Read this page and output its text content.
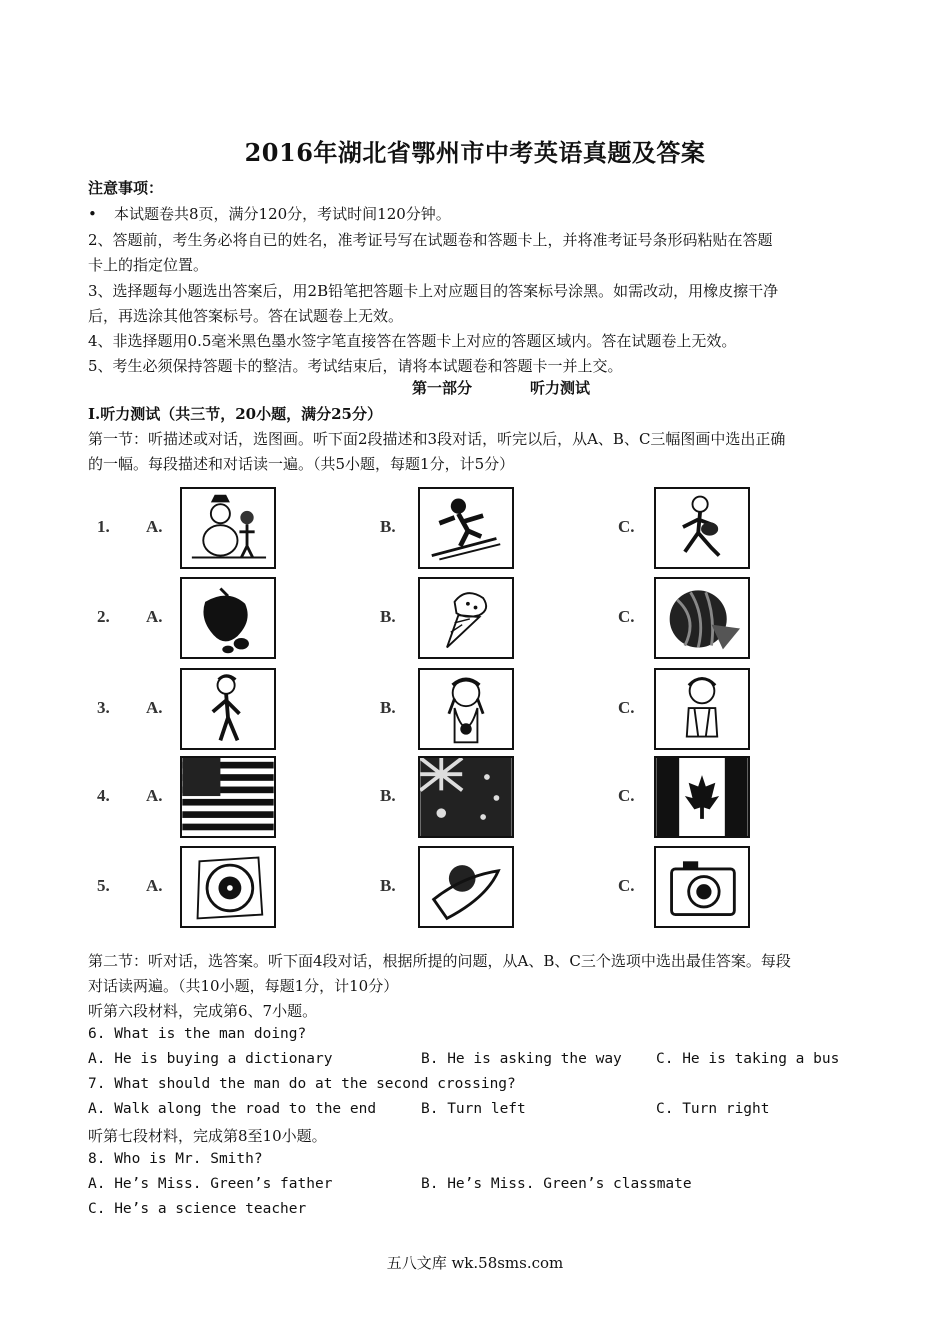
2016年湖北省鄂州市中考英语真题及答案
注意事项：
• 本试题卷共8页，满分120分，考试时间120分钟。
2、答题前，考生务必将自已的姓名，准考证号写在试题卷和答题卡上，并将准考证号条形码粘贴在答题
卡上的指定位置。
3、选择题每小题选出答案后，用2B铅笔把答题卡上对应题目的答案标号涂黑。如需改动，用橡皮擦干净
后，再选涂其他答案标号。答在试题卷上无效。
4、非选择题用0.5毫米黑色墨水签字笔直接答在答题卡上对应的答题区域内。答在试题卷上无效。
5、考生必须保持答题卡的整洁。考试结束后，请将本试题卷和答题卡一并上交。
第一部分	听力测试
Ⅰ.听力测试（共三节，20小题，满分25分）
第一节：听描述或对话，选图画。听下面2段描述和3段对话，听完以后，从A、B、C三幅图画中选出正确
的一幅。每段描述和对话读一遍。（共5小题，每题1分，计5分）
1. A.	B.	C.
2. A.	B.	C.
3. A.	B.	C.
4. A.	B.	C.
5. A.	B.	C.
第二节：听对话，选答案。听下面4段对话，根据所提的问题，从A、B、C三个选项中选出最佳答案。每段
对话读两遍。（共10小题，每题1分，计10分）
听第六段材料，完成第6、7小题。
6. What is the man doing?
A. He is buying a dictionary	B. He is asking the way C. He is taking a bus
7. What should the man do at the second crossing?
A. Walk along the road to the end	B. Turn left	C. Turn right
听第七段材料，完成第8至10小题。
8. Who is Mr. Smith?
A. He’s Miss. Green’s father	B. He’s Miss. Green’s classmate
C. He’s a science teacher
五八文库 wk.58sms.com
